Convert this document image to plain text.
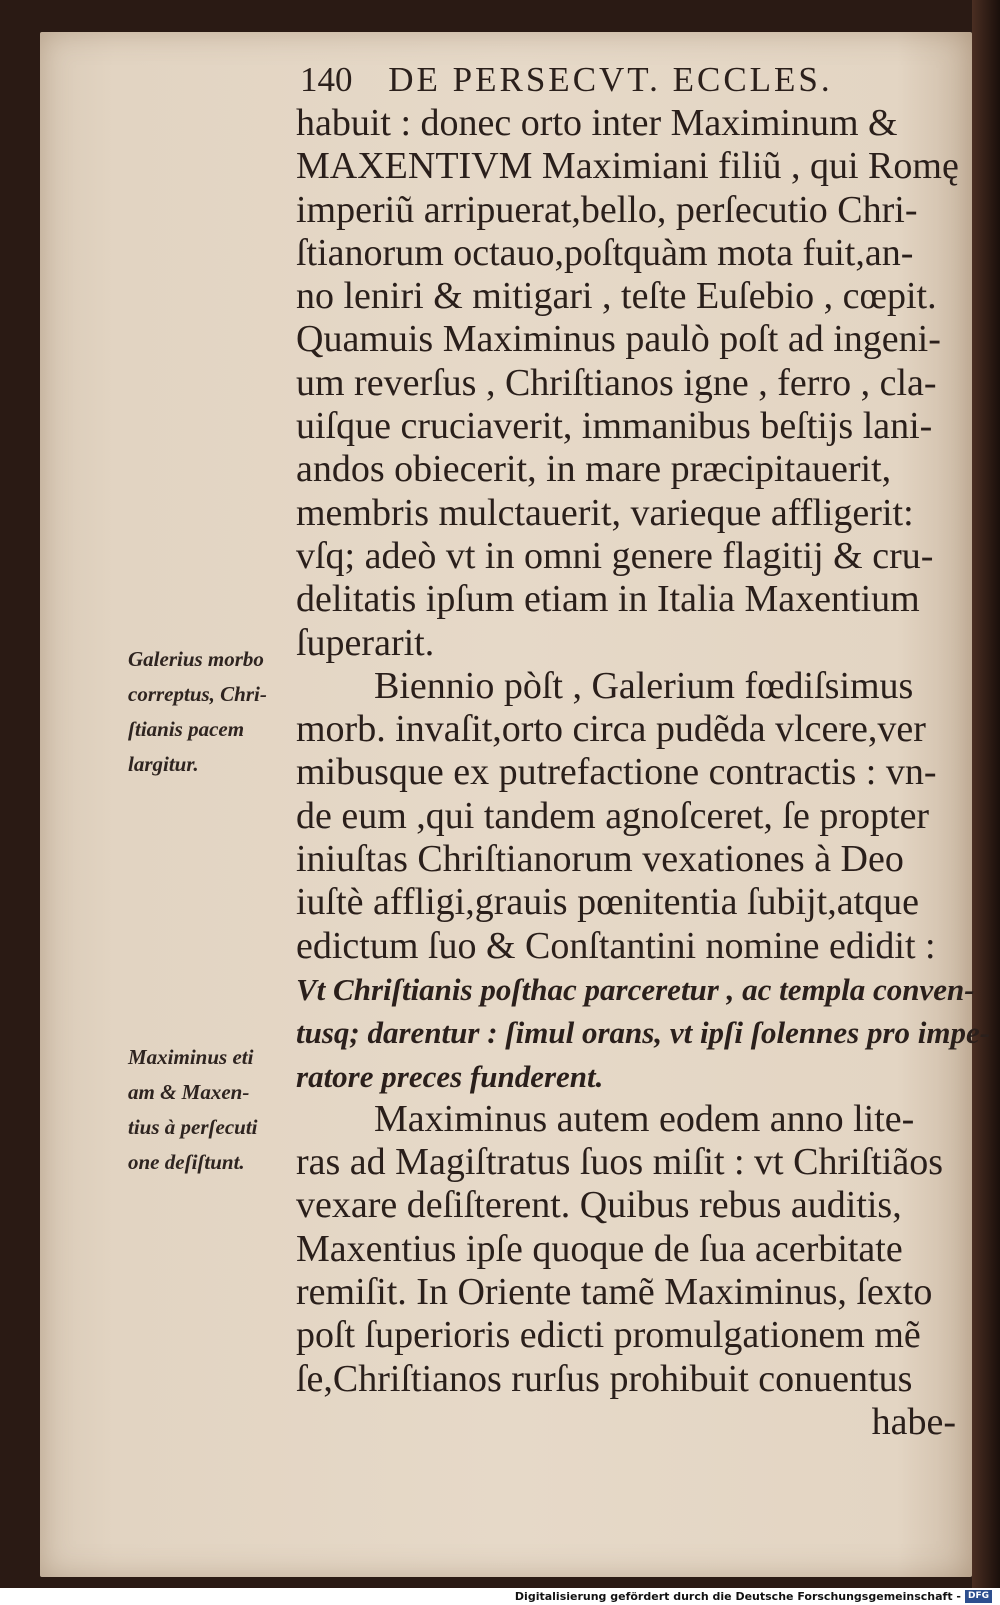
140 DE PERSECVT. ECCLES.
habuit : donec orto inter Maximinum &
MAXENTIVM Maximiani filiũ , qui Romę
imperiũ arripuerat,bello, perſecutio Chri-
ſtianorum octauo,poſtquàm mota fuit,an-
no leniri & mitigari , teſte Euſebio , cœpit.
Quamuis Maximinus paulò poſt ad ingeni-
um reverſus , Chriſtianos igne , ferro , cla-
uiſque cruciaverit, immanibus beſtijs lani-
andos obiecerit, in mare præcipitauerit,
membris mulctauerit, varieque affligerit:
vſq; adeò vt in omni genere flagitij & cru-
delitatis ipſum etiam in Italia Maxentium
ſuperarit.
Biennio pòſt , Galerium fœdiſsimus
morb. invaſit,orto circa pudẽda vlcere,ver
mibusque ex putrefactione contractis : vn-
de eum ,qui tandem agnoſceret, ſe propter
iniuſtas Chriſtianorum vexationes à Deo
iuſtè affligi,grauis pœnitentia ſubijt,atque
edictum ſuo & Conſtantini nomine edidit :
Vt Chriſtianis poſthac parceretur , ac templa conven-
tusq; darentur : ſimul orans, vt ipſi ſolennes pro impe-
ratore preces funderent.
Maximinus autem eodem anno lite-
ras ad Magiſtratus ſuos miſit : vt Chriſtiãos
vexare deſiſterent. Quibus rebus auditis,
Maxentius ipſe quoque de ſua acerbitate
remiſit. In Oriente tamẽ Maximinus, ſexto
poſt ſuperioris edicti promulgationem mẽ
ſe,Chriſtianos rurſus prohibuit conuentus
habe-
Galerius morbo
correptus, Chri-
ſtianis pacem
largitur.
Maximinus eti
am & Maxen-
tius à perſecuti
one deſiſtunt.
Digitalisierung gefördert durch die Deutsche Forschungsgemeinschaft - DFG
